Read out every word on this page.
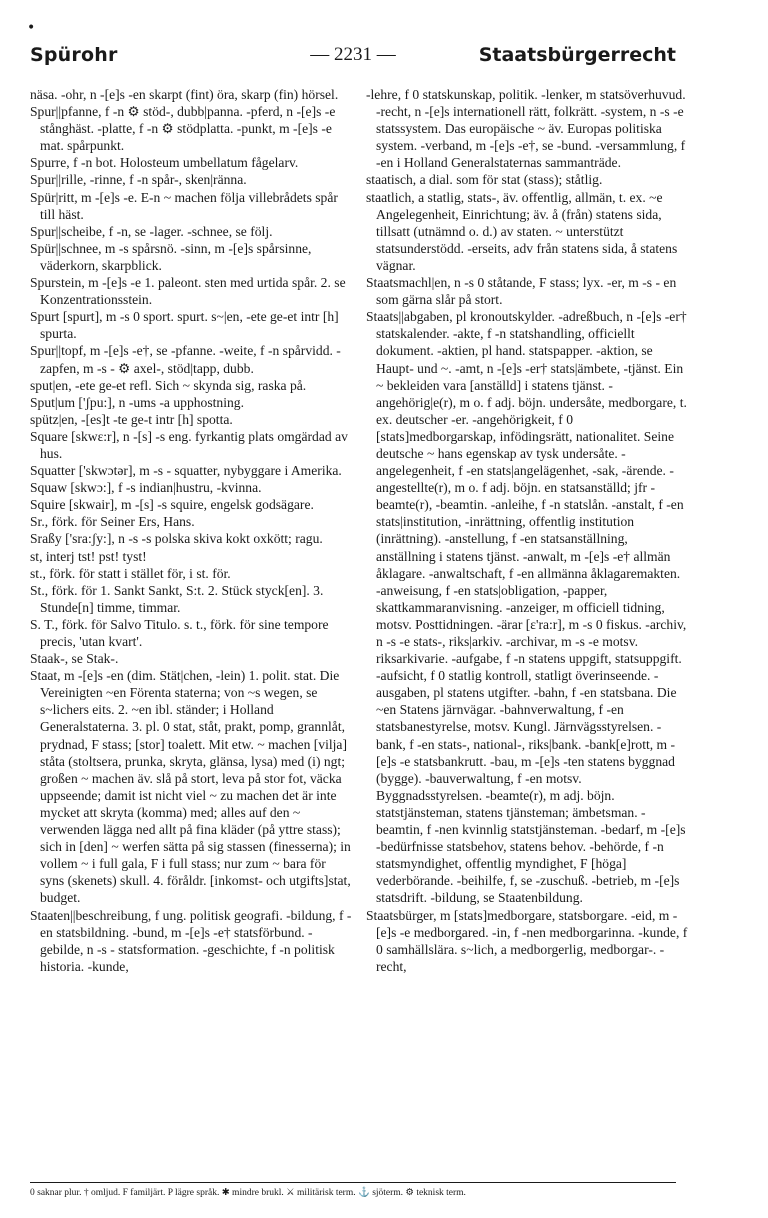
•
Spürohr	— 2231 —	Staatsbürgerrecht

näsa. -ohr, n -[e]s -en skarpt (fint) öra, skarp (fin) hörsel.

Spur||pfanne, f -n ⚙ stöd-, dubb|panna. -pferd, n -[e]s -e stånghäst. -platte, f -n ⚙ stödplatta. -punkt, m -[e]s -e mat. spårpunkt.

Spurre, f -n bot. Holosteum umbellatum fågelarv.

Spur||rille, -rinne, f -n spår-, sken|ränna.

Spür|ritt, m -[e]s -e. E-n ~ machen följa villebrådets spår till häst.

Spur||scheibe, f -n, se -lager. -schnee, se följ.

Spür||schnee, m -s spårsnö. -sinn, m -[e]s spårsinne, väderkorn, skarpblick.

Spurstein, m -[e]s -e 1. paleont. sten med urtida spår. 2. se Konzentrationsstein.

Spurt [spurt], m -s 0 sport. spurt. s~|en, -ete ge-et intr [h] spurta.

Spur||topf, m -[e]s -e†, se -pfanne. -weite, f -n spårvidd. -zapfen, m -s - ⚙ axel-, stöd|tapp, dubb.

sput|en, -ete ge-et refl. Sich ~ skynda sig, raska på.

Sput|um ['ʃpu:], n -ums -a upphostning.

spütz|en, -[es]t -te ge-t intr [h] spotta.

Square [skwɛ:r], n -[s] -s eng. fyrkantig plats omgärdad av hus.

Squatter ['skwɔtər], m -s - squatter, nybyggare i Amerika.

Squaw [skwɔ:], f -s indian|hustru, -kvinna.

Squire [skwair], m -[s] -s squire, engelsk godsägare.

Sr., förk. för Seiner Ers, Hans.

Sraßy ['sra:ʃy:], n -s -s polska skiva kokt oxkött; ragu.

st, interj tst! pst! tyst!

st., förk. för statt i stället för, i st. för.

St., förk. för 1. Sankt Sankt, S:t. 2. Stück styck[en]. 3. Stunde[n] timme, timmar.

S. T., förk. för Salvo Titulo. s. t., förk. för sine tempore precis, 'utan kvart'.

Staak-, se Stak-.

Staat, m -[e]s -en (dim. Stät|chen, -lein) 1. polit. stat. Die Vereinigten ~en Förenta staterna; von ~s wegen, se s~lichers eits. 2. ~en ibl. ständer; i Holland Generalstaterna. 3. pl. 0 stat, ståt, prakt, pomp, grannlåt, prydnad, F stass; [stor] toalett. Mit etw. ~ machen [vilja] ståta (stoltsera, prunka, skryta, glänsa, lysa) med (i) ngt; großen ~ machen äv. slå på stort, leva på stor fot, väcka uppseende; damit ist nicht viel ~ zu machen det är inte mycket att skryta (komma) med; alles auf den ~ verwenden lägga ned allt på fina kläder (på yttre stass); sich in [den] ~ werfen sätta på sig stassen (finesserna); in vollem ~ i full gala, F i full stass; nur zum ~ bara för syns (skenets) skull. 4. föråldr. [inkomst- och utgifts]stat, budget.

Staaten||beschreibung, f ung. politisk geografi. -bildung, f -en statsbildning. -bund, m -[e]s -e† statsförbund. -gebilde, n -s - statsformation. -geschichte, f -n politisk historia. -kunde,

-lehre, f 0 statskunskap, politik. -lenker, m statsöverhuvud. -recht, n -[e]s internationell rätt, folkrätt. -system, n -s -e statssystem. Das europäische ~ äv. Europas politiska system. -verband, m -[e]s -e†, se -bund. -versammlung, f -en i Holland Generalstaternas sammanträde.

staatisch, a dial. som för stat (stass); ståtlig.

staatlich, a statlig, stats-, äv. offentlig, allmän, t. ex. ~e Angelegenheit, Einrichtung; äv. å (från) statens sida, tillsatt (utnämnd o. d.) av staten. ~ unterstützt statsunderstödd. -erseits, adv från statens sida, å statens vägnar.

Staatsmachl|en, n -s 0 ståtande, F stass; lyx. -er, m -s - en som gärna slår på stort.

Staats||abgaben, pl kronoutskylder. -adreßbuch, n -[e]s -er† statskalender. -akte, f -n statshandling, officiellt dokument. -aktien, pl hand. statspapper. -aktion, se Haupt- und ~. -amt, n -[e]s -er† stats|ämbete, -tjänst. Ein ~ bekleiden vara [anställd] i statens tjänst. -angehörig|e(r), m o. f adj. böjn. undersåte, medborgare, t. ex. deutscher -er. -angehörigkeit, f 0 [stats]medborgarskap, infödingsrätt, nationalitet. Seine deutsche ~ hans egenskap av tysk undersåte. -angelegenheit, f -en stats|angelägenhet, -sak, -ärende. -angestellte(r), m o. f adj. böjn. en statsanställd; jfr -beamte(r), -beamtin. -anleihe, f -n statslån. -anstalt, f -en stats|institution, -inrättning, offentlig institution (inrättning). -anstellung, f -en statsanställning, anställning i statens tjänst. -anwalt, m -[e]s -e† allmän åklagare. -anwaltschaft, f -en allmänna åklagaremakten. -anweisung, f -en stats|obligation, -papper, skattkammaranvisning. -anzeiger, m officiell tidning, motsv. Posttidningen. -ärar [ɛ'ra:r], m -s 0 fiskus. -archiv, n -s -e stats-, riks|arkiv. -archivar, m -s -e motsv. riksarkivarie. -aufgabe, f -n statens uppgift, statsuppgift. -aufsicht, f 0 statlig kontroll, statligt överinseende. -ausgaben, pl statens utgifter. -bahn, f -en statsbana. Die ~en Statens järnvägar. -bahnverwaltung, f -en statsbanestyrelse, motsv. Kungl. Järnvägsstyrelsen. -bank, f -en stats-, national-, riks|bank. -bank[e]rott, m -[e]s -e statsbankrutt. -bau, m -[e]s -ten statens byggnad (bygge). -bauverwaltung, f -en motsv. Byggnadsstyrelsen. -beamte(r), m adj. böjn. statstjänsteman, statens tjänsteman; ämbetsman. -beamtin, f -nen kvinnlig statstjänsteman. -bedarf, m -[e]s -bedürfnisse statsbehov, statens behov. -behörde, f -n statsmyndighet, offentlig myndighet, F [höga] vederbörande. -beihilfe, f, se -zuschuß. -betrieb, m -[e]s statsdrift. -bildung, se Staatenbildung.

Staatsbürger, m [stats]medborgare, statsborgare. -eid, m -[e]s -e medborgared. -in, f -nen medborgarinna. -kunde, f 0 samhällslära. s~lich, a medborgerlig, medborgar-. -recht,

0 saknar plur. † omljud. F familjärt. P lägre språk. ✱ mindre brukl. ⚔ militärisk term. ⚓ sjöterm. ⚙ teknisk term.
